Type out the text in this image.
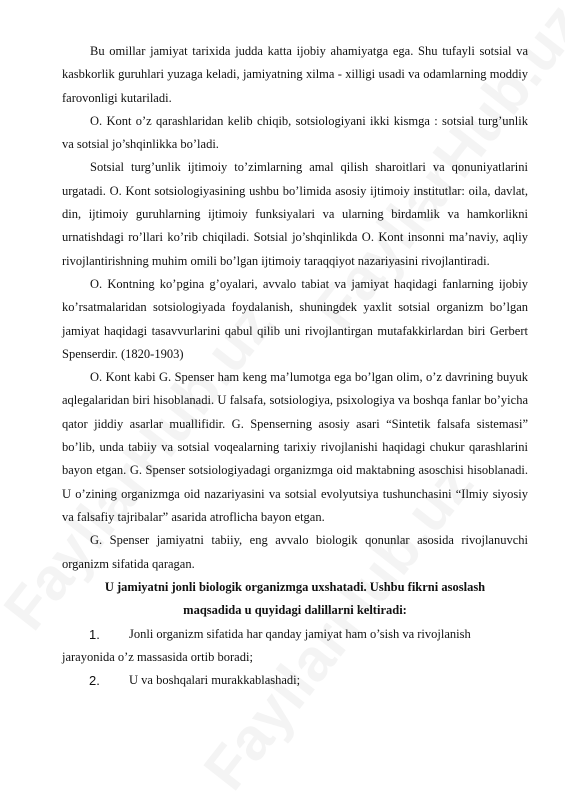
Bu omillar jamiyat tarixida judda katta ijobiy ahamiyatga ega. Shu tufayli sotsial va kasbkorlik guruhlari yuzaga keladi, jamiyatning xilma - xilligi usadi va odamlarning moddiy farovonligi kutariladi.

O. Kont o’z qarashlaridan kelib chiqib, sotsiologiyani ikki kismga : sotsial turg’unlik va sotsial jo’shqinlikka bo’ladi.

Sotsial turg’unlik ijtimoiy to’zimlarning amal qilish sharoitlari va qonuniyatlarini urgatadi. O. Kont sotsiologiyasining ushbu bo’limida asosiy ijtimoiy institutlar: oila, davlat, din, ijtimoiy guruhlarning ijtimoiy funksiyalari va ularning birdamlik va hamkorlikni urnatishdagi ro’llari ko’rib chiqiladi. Sotsial jo’shqinlikda O. Kont insonni ma’naviy, aqliy rivojlantirishning muhim omili bo’lgan ijtimoiy taraqqiyot nazariyasini rivojlantiradi.

O. Kontning ko’pgina g’oyalari, avvalo tabiat va jamiyat haqidagi fanlarning ijobiy ko’rsatmalaridan sotsiologiyada foydalanish, shuningdek yaxlit sotsial organizm bo’lgan jamiyat haqidagi tasavvurlarini qabul qilib uni rivojlantirgan mutafakkirlardan biri Gerbert Spenserdir. (1820-1903)

O. Kont kabi G. Spenser ham keng ma’lumotga ega bo’lgan olim, o’z davrining buyuk aqlegalaridan biri hisoblanadi. U falsafa, sotsiologiya, psixologiya va boshqa fanlar bo’yicha qator jiddiy asarlar muallifidir. G. Spenserning asosiy asari “Sintetik falsafa sistemasi” bo’lib, unda tabiiy va sotsial voqealarning tarixiy rivojlanishi haqidagi chukur qarashlarini bayon etgan. G. Spenser sotsiologiyadagi organizmga oid maktabning asoschisi hisoblanadi. U o’zining organizmga oid nazariyasini va sotsial evolyutsiya tushunchasini “Ilmiy siyosiy va falsafiy tajribalar” asarida atroflicha bayon etgan.

G. Spenser jamiyatni tabiiy, eng avvalo biologik qonunlar asosida rivojlanuvchi organizm sifatida qaragan.

U jamiyatni jonli biologik organizmga uxshatadi. Ushbu fikrni asoslash
maqsadida u quyidagi dalillarni keltiradi:
1.	Jonli organizm sifatida har qanday jamiyat ham o’sish va rivojlanish
jarayonida o’z massasida ortib boradi;
2.	U va boshqalari murakkablashadi;
